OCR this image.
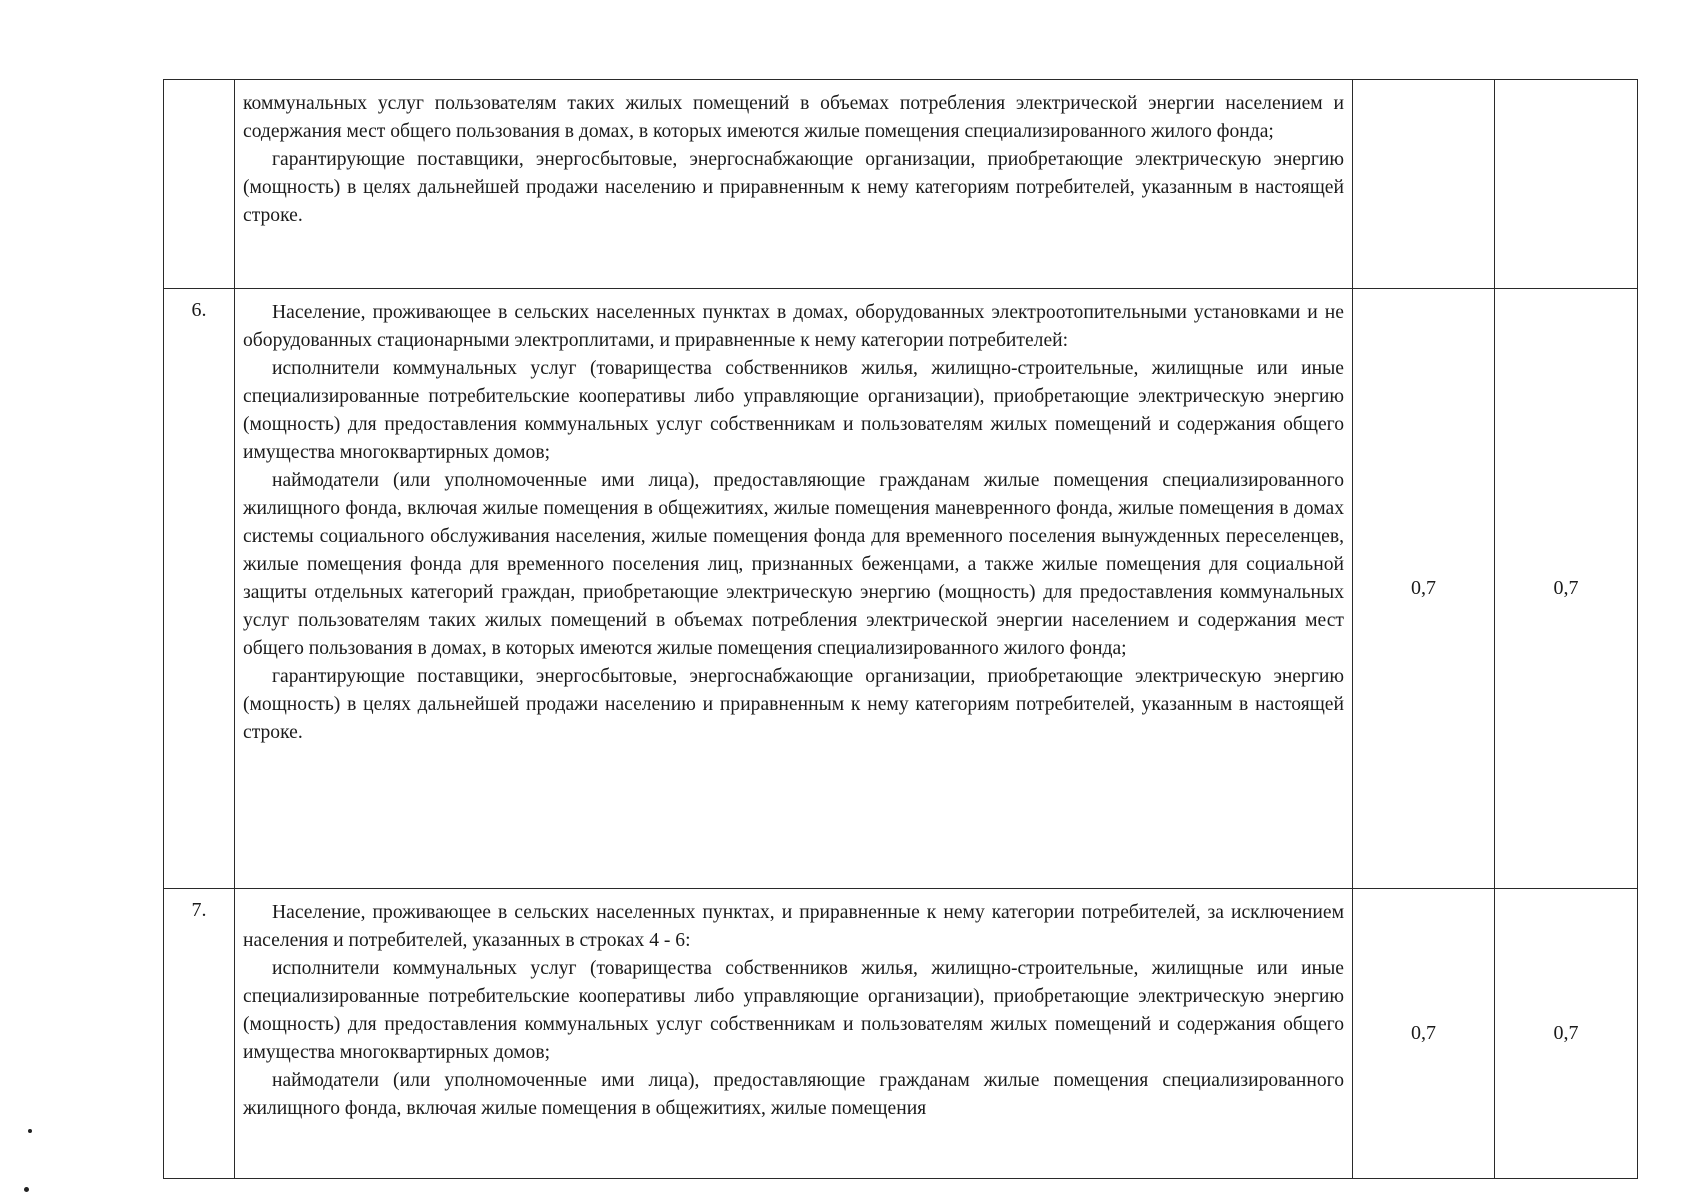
	коммунальных услуг пользователям таких жилых помещений в объемах потребления электрической энергии населением и содержания мест общего пользования в домах, в которых имеются жилые помещения специализированного жилого фонда;

гарантирующие поставщики, энергосбытовые, энергоснабжающие организации, приобретающие электрическую энергию (мощность) в целях дальнейшей продажи населению и приравненным к нему категориям потребителей, указанным в настоящей строке.		

6.	Население, проживающее в сельских населенных пунктах в домах, оборудованных электроотопительными установками и не оборудованных стационарными электроплитами, и приравненные к нему категории потребителей:

исполнители коммунальных услуг (товарищества собственников жилья, жилищно-строительные, жилищные или иные специализированные потребительские кооперативы либо управляющие организации), приобретающие электрическую энергию (мощность) для предоставления коммунальных услуг собственникам и пользователям жилых помещений и содержания общего имущества многоквартирных домов;

наймодатели (или уполномоченные ими лица), предоставляющие гражданам жилые помещения специализированного жилищного фонда, включая жилые помещения в общежитиях, жилые помещения маневренного фонда, жилые помещения в домах системы социального обслуживания населения, жилые помещения фонда для временного поселения вынужденных переселенцев, жилые помещения фонда для временного поселения лиц, признанных беженцами, а также жилые помещения для социальной защиты отдельных категорий граждан, приобретающие электрическую энергию (мощность) для предоставления коммунальных услуг пользователям таких жилых помещений в объемах потребления электрической энергии населением и содержания мест общего пользования в домах, в которых имеются жилые помещения специализированного жилого фонда;

гарантирующие поставщики, энергосбытовые, энергоснабжающие организации, приобретающие электрическую энергию (мощность) в целях дальнейшей продажи населению и приравненным к нему категориям потребителей, указанным в настоящей строке.	0,7	0,7
7.	Население, проживающее в сельских населенных пунктах, и приравненные к нему категории потребителей, за исключением населения и потребителей, указанных в строках 4 - 6:

исполнители коммунальных услуг (товарищества собственников жилья, жилищно-строительные, жилищные или иные специализированные потребительские кооперативы либо управляющие организации), приобретающие электрическую энергию (мощность) для предоставления коммунальных услуг собственникам и пользователям жилых помещений и содержания общего имущества многоквартирных домов;

наймодатели (или уполномоченные ими лица), предоставляющие гражданам жилые помещения специализированного жилищного фонда, включая жилые помещения в общежитиях, жилые помещения	0,7	0,7
